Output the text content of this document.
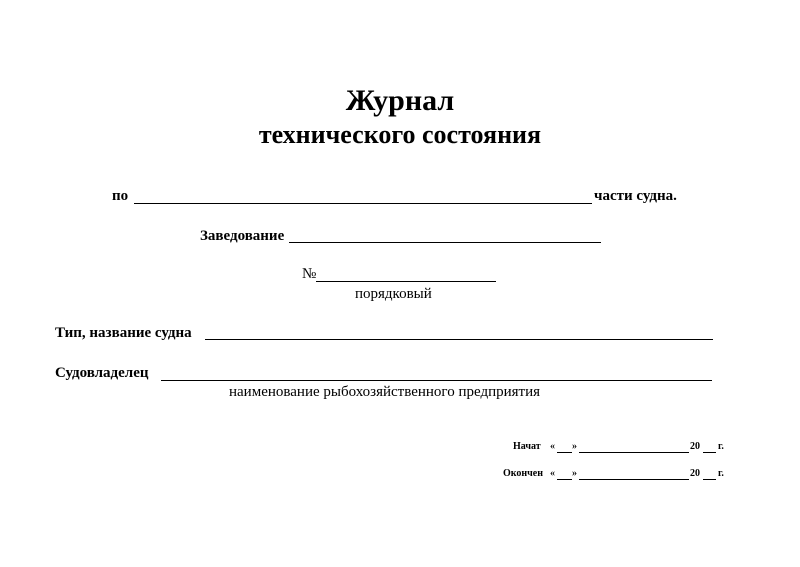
Журнал
технического состояния
по	части судна.
Заведование
№
порядковый
Тип, название судна
Судовладелец
наименование рыбохозяйственного предприятия
Начат « »	20 г.
Окончен « »	20 г.
